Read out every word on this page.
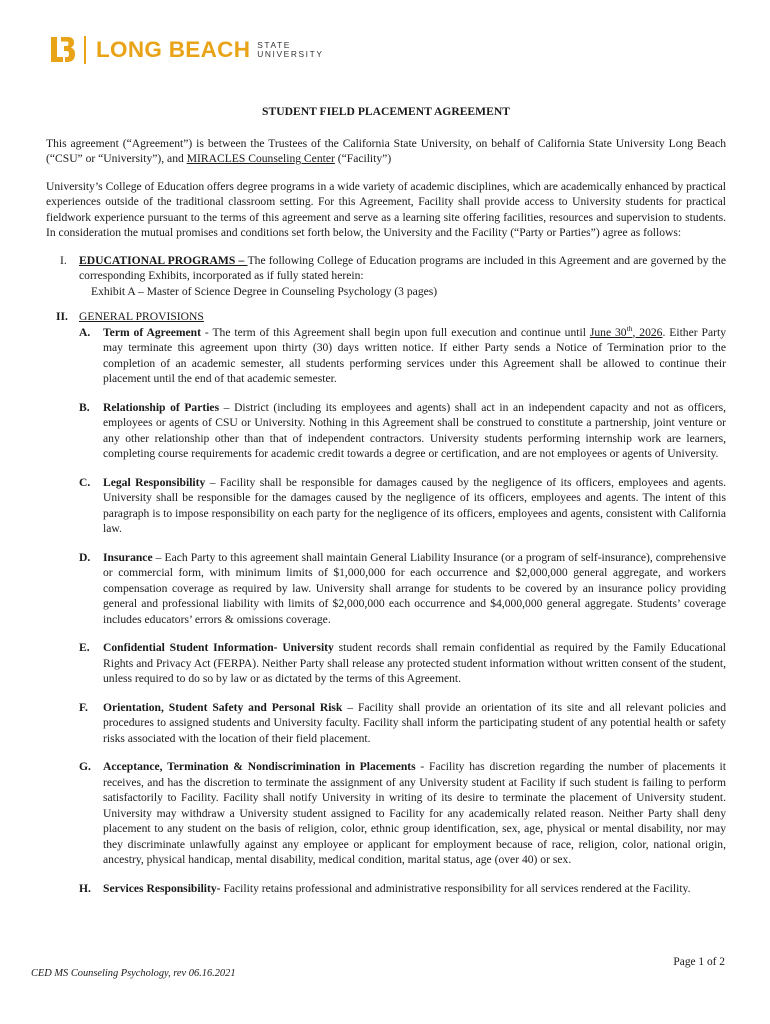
LONG BEACH STATE
UNIVERSITY
STUDENT FIELD PLACEMENT AGREEMENT

This agreement (“Agreement”) is between the Trustees of the California State University, on behalf of California State University Long Beach (“CSU” or “University”), and MIRACLES Counseling Center (“Facility”)

University’s College of Education offers degree programs in a wide variety of academic disciplines, which are academically enhanced by practical experiences outside of the traditional classroom setting. For this Agreement, Facility shall provide access to University students for practical fieldwork experience pursuant to the terms of this agreement and serve as a learning site offering facilities, resources and supervision to students. In consideration the mutual promises and conditions set forth below, the University and the Facility (“Party or Parties”) agree as follows:

I. EDUCATIONAL PROGRAMS – The following College of Education programs are included in this Agreement and are governed by the corresponding Exhibits, incorporated as if fully stated herein:

Exhibit A – Master of Science Degree in Counseling Psychology (3 pages)
II. GENERAL PROVISIONS
A. Term of Agreement - The term of this Agreement shall begin upon full execution and continue until June 30th, 2026. Either Party may terminate this agreement upon thirty (30) days written notice. If either Party sends a Notice of Termination prior to the completion of an academic semester, all students performing services under this Agreement shall be allowed to continue their placement until the end of that academic semester.

B. Relationship of Parties – District (including its employees and agents) shall act in an independent capacity and not as officers, employees or agents of CSU or University. Nothing in this Agreement shall be construed to constitute a partnership, joint venture or any other relationship other than that of independent contractors. University students performing internship work are learners, completing course requirements for academic credit towards a degree or certification, and are not employees or agents of University.

C. Legal Responsibility – Facility shall be responsible for damages caused by the negligence of its officers, employees and agents. University shall be responsible for the damages caused by the negligence of its officers, employees and agents. The intent of this paragraph is to impose responsibility on each party for the negligence of its officers, employees and agents, consistent with California law.

D. Insurance – Each Party to this agreement shall maintain General Liability Insurance (or a program of self-insurance), comprehensive or commercial form, with minimum limits of $1,000,000 for each occurrence and $2,000,000 general aggregate, and workers compensation coverage as required by law. University shall arrange for students to be covered by an insurance policy providing general and professional liability with limits of $2,000,000 each occurrence and $4,000,000 general aggregate. Students’ coverage includes educators’ errors & omissions coverage.

E. Confidential Student Information- University student records shall remain confidential as required by the Family Educational Rights and Privacy Act (FERPA). Neither Party shall release any protected student information without written consent of the student, unless required to do so by law or as dictated by the terms of this Agreement.

F. Orientation, Student Safety and Personal Risk – Facility shall provide an orientation of its site and all relevant policies and procedures to assigned students and University faculty. Facility shall inform the participating student of any potential health or safety risks associated with the location of their field placement.

G. Acceptance, Termination & Nondiscrimination in Placements - Facility has discretion regarding the number of placements it receives, and has the discretion to terminate the assignment of any University student at Facility if such student is failing to perform satisfactorily to Facility. Facility shall notify University in writing of its desire to terminate the placement of University student. University may withdraw a University student assigned to Facility for any academically related reason. Neither Party shall deny placement to any student on the basis of religion, color, ethnic group identification, sex, age, physical or mental disability, nor may they discriminate unlawfully against any employee or applicant for employment because of race, religion, color, national origin, ancestry, physical handicap, mental disability, medical condition, marital status, age (over 40) or sex.

H. Services Responsibility- Facility retains professional and administrative responsibility for all services rendered at the Facility.

Page 1 of 2
CED MS Counseling Psychology, rev 06.16.2021
